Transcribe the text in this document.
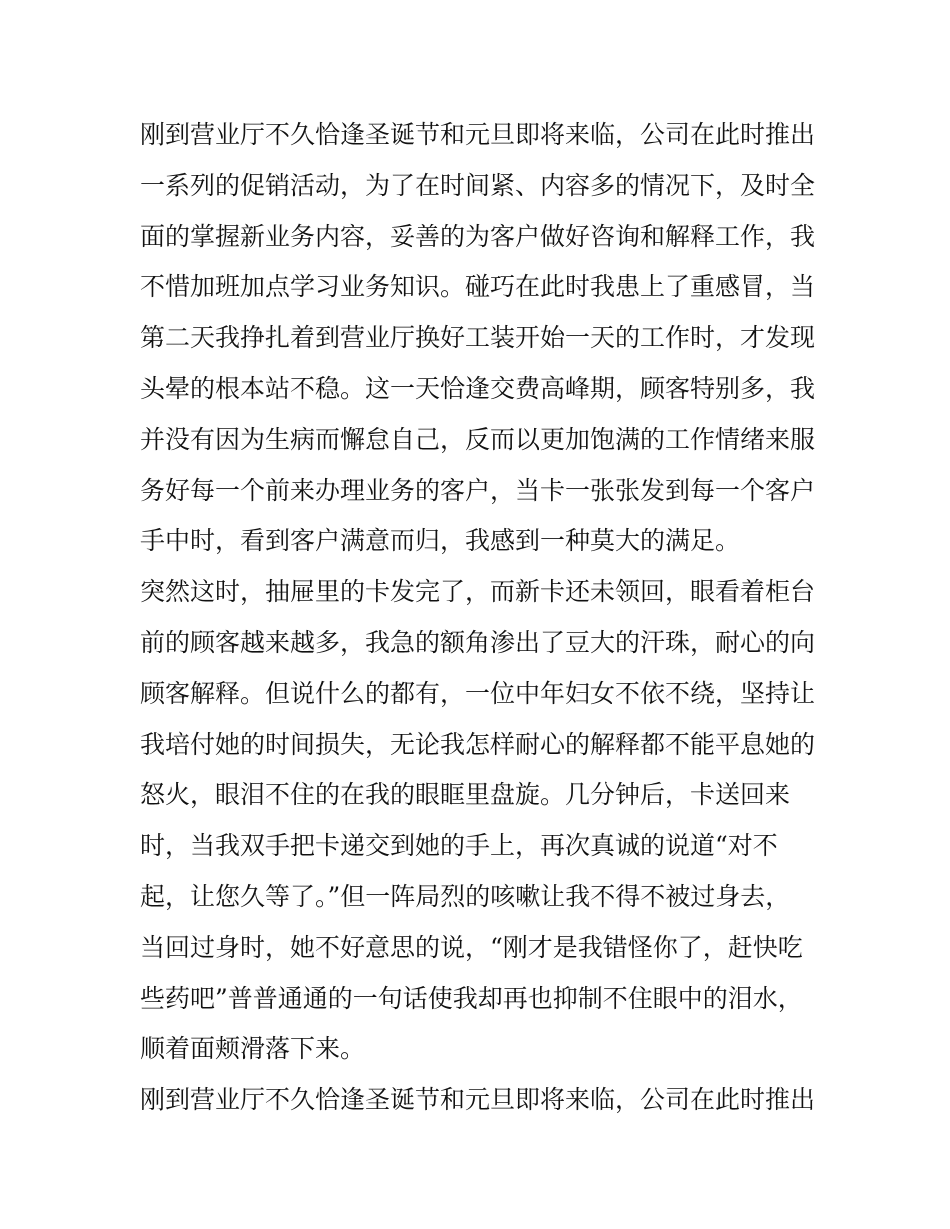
刚到营业厅不久恰逢圣诞节和元旦即将来临，公司在此时推出
一系列的促销活动，为了在时间紧、内容多的情况下，及时全
面的掌握新业务内容，妥善的为客户做好咨询和解释工作，我
不惜加班加点学习业务知识。碰巧在此时我患上了重感冒，当
第二天我挣扎着到营业厅换好工装开始一天的工作时，才发现
头晕的根本站不稳。这一天恰逢交费高峰期，顾客特别多，我
并没有因为生病而懈怠自己，反而以更加饱满的工作情绪来服
务好每一个前来办理业务的客户，当卡一张张发到每一个客户
手中时，看到客户满意而归，我感到一种莫大的满足。
突然这时，抽屉里的卡发完了，而新卡还未领回，眼看着柜台
前的顾客越来越多，我急的额角渗出了豆大的汗珠，耐心的向
顾客解释。但说什么的都有，一位中年妇女不依不绕，坚持让
我培付她的时间损失，无论我怎样耐心的解释都不能平息她的
怒火，眼泪不住的在我的眼眶里盘旋。几分钟后，卡送回来
时，当我双手把卡递交到她的手上，再次真诚的说道“对不
起，让您久等了。”但一阵局烈的咳嗽让我不得不被过身去，
当回过身时，她不好意思的说，“刚才是我错怪你了，赶快吃
些药吧”普普通通的一句话使我却再也抑制不住眼中的泪水，
顺着面颊滑落下来。
刚到营业厅不久恰逢圣诞节和元旦即将来临，公司在此时推出
